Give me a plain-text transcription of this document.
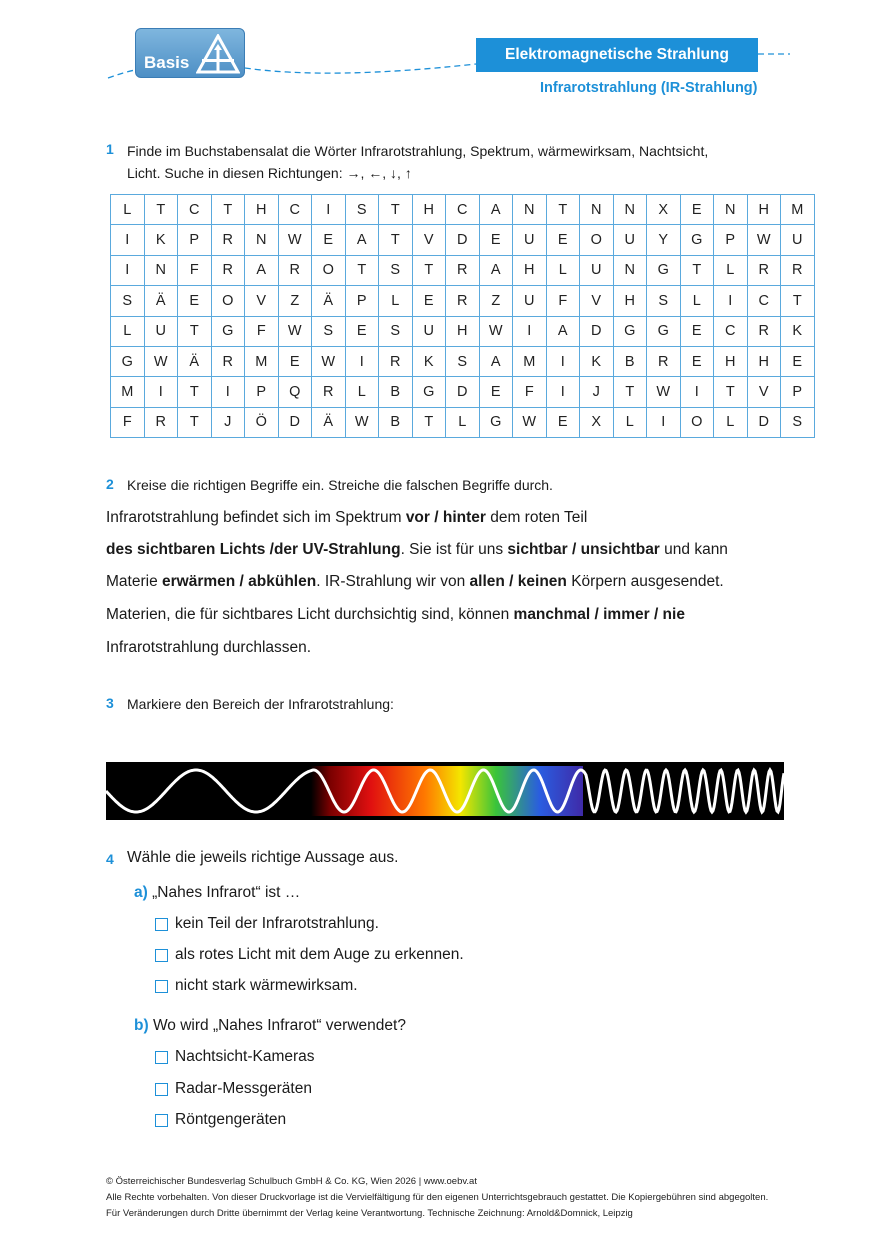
Basis	Elektromagnetische Strahlung
Infrarotstrahlung (IR-Strahlung)
1 Finde im Buchstabensalat die Wörter Infrarotstrahlung, Spektrum, wärmewirksam, Nachtsicht,
Licht. Suche in diesen Richtungen: →, ←, ↓, ↑
L	T	C	T	H	C	I	S	T	H	C	A	N	T	N	N	X	E	N	H	M
I	K	P	R	N	W	E	A	T	V	D	E	U	E	O	U	Y	G	P	W	U
I	N	F	R	A	R	O	T	S	T	R	A	H	L	U	N	G	T	L	R	R
S	Ä	E	O	V	Z	Ä	P	L	E	R	Z	U	F	V	H	S	L	I	C	T
L	U	T	G	F	W	S	E	S	U	H	W	I	A	D	G	G	E	C	R	K
G	W	Ä	R	M	E	W	I	R	K	S	A	M	I	K	B	R	E	H	H	E
M	I	T	I	P	Q	R	L	B	G	D	E	F	I	J	T	W	I	T	V	P
F	R	T	J	Ö	D	Ä	W	B	T	L	G	W	E	X	L	I	O	L	D	S
2 Kreise die richtigen Begriffe ein. Streiche die falschen Begriffe durch.
Infrarotstrahlung befindet sich im Spektrum vor / hinter dem roten Teil
des sichtbaren Lichts /der UV-Strahlung. Sie ist für uns sichtbar / unsichtbar und kann
Materie erwärmen / abkühlen. IR-Strahlung wir von allen / keinen Körpern ausgesendet.
Materien, die für sichtbares Licht durchsichtig sind, können manchmal / immer / nie
Infrarotstrahlung durchlassen.
3 Markiere den Bereich der Infrarotstrahlung:
4 Wähle die jeweils richtige Aussage aus.
a) „Nahes Infrarot“ ist …
kein Teil der Infrarotstrahlung.
als rotes Licht mit dem Auge zu erkennen.
nicht stark wärmewirksam.
b) Wo wird „Nahes Infrarot“ verwendet?
Nachtsicht-Kameras
Radar-Messgeräten
Röntgengeräten
© Österreichischer Bundesverlag Schulbuch GmbH & Co. KG, Wien 2026 | www.oebv.at
Alle Rechte vorbehalten. Von dieser Druckvorlage ist die Vervielfältigung für den eigenen Unterrichtsgebrauch gestattet. Die Kopiergebühren sind abgegolten.
Für Veränderungen durch Dritte übernimmt der Verlag keine Verantwortung. Technische Zeichnung: Arnold&Domnick, Leipzig
